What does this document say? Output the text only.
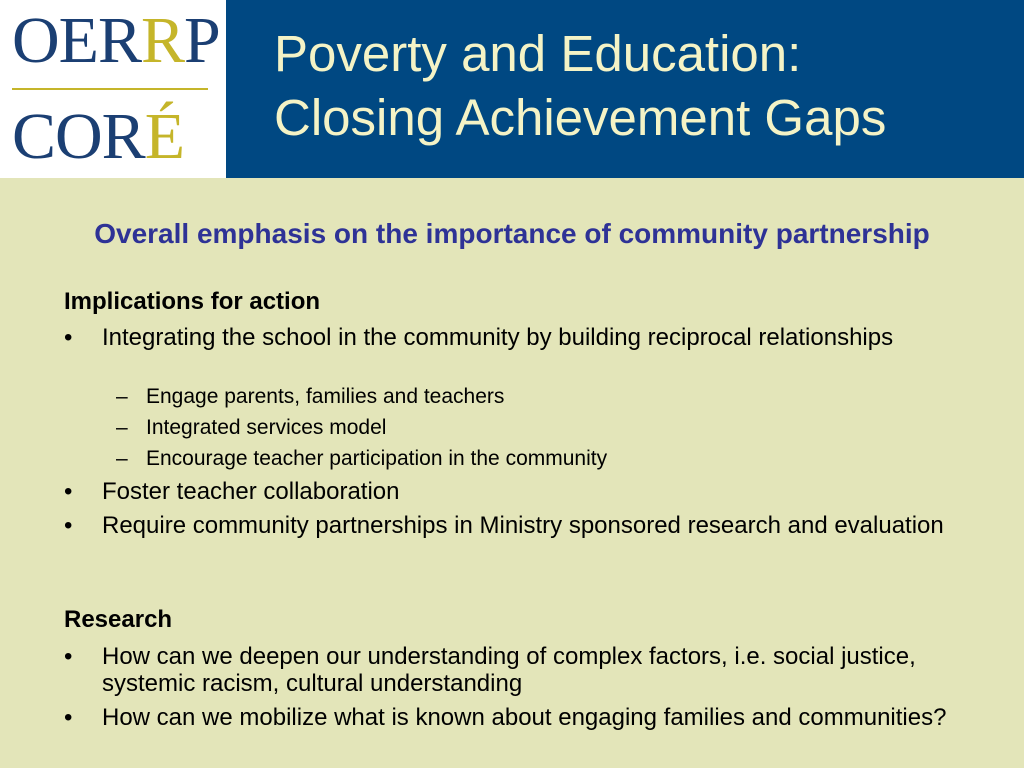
OERRP
CORÉ
Poverty and Education:
Closing Achievement Gaps
Overall emphasis on the importance of community partnership
Implications for action
• Integrating the school in the community by building reciprocal relationships
– Engage parents, families and teachers
– Integrated services model
– Encourage teacher participation in the community
• Foster teacher collaboration
• Require community partnerships in Ministry sponsored research and evaluation
Research
• How can we deepen our understanding of complex factors, i.e. social justice, systemic racism, cultural understanding
• How can we mobilize what is known about engaging families and communities?
